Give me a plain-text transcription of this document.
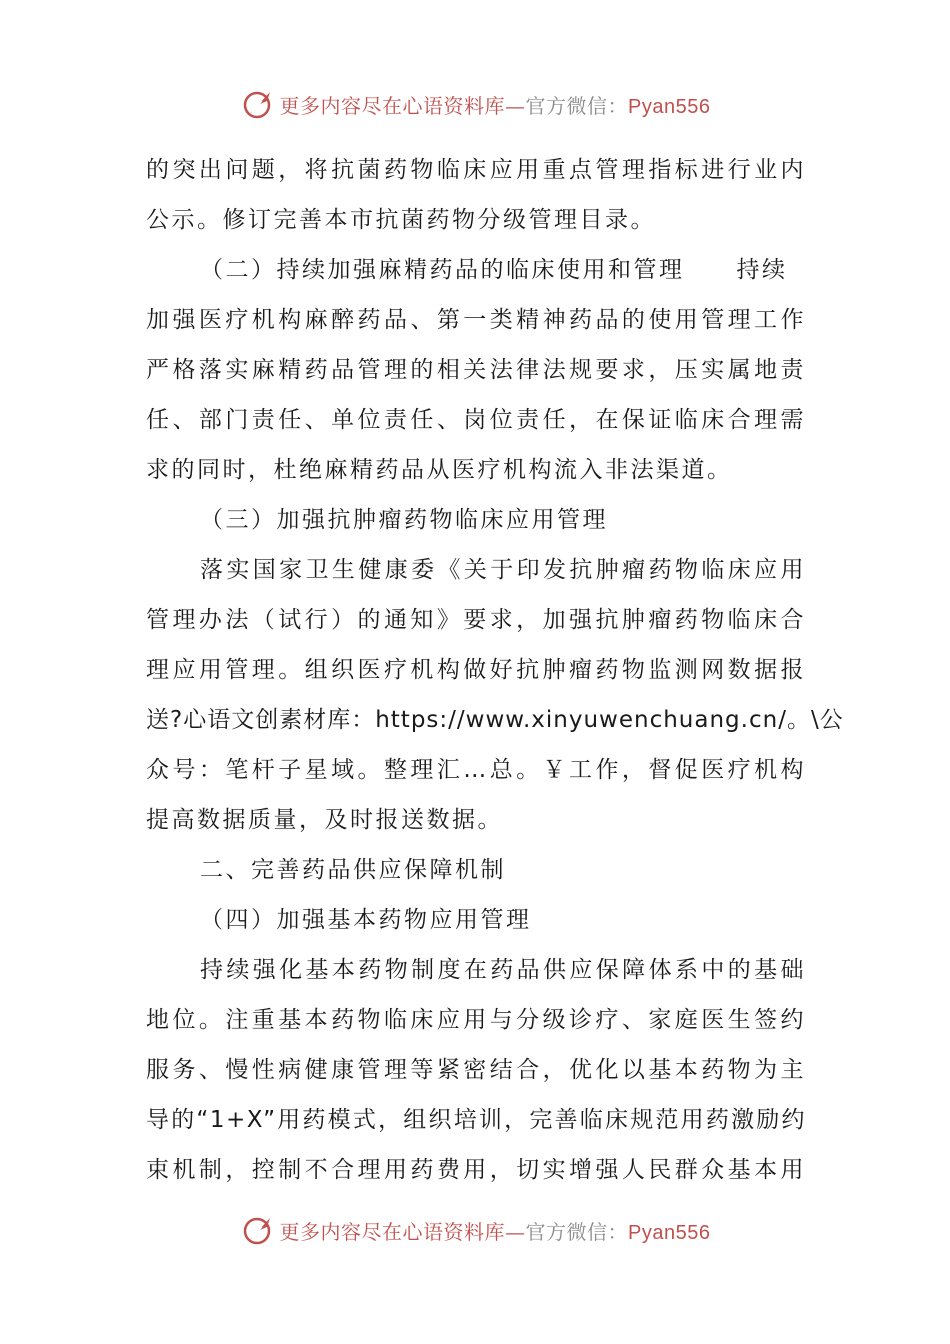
更多内容尽在心语资料库—官方微信：Pyan556
的突出问题，将抗菌药物临床应用重点管理指标进行业内
公示。修订完善本市抗菌药物分级管理目录。
（二）持续加强麻精药品的临床使用和管理 持续
加强医疗机构麻醉药品、第一类精神药品的使用管理工作
严格落实麻精药品管理的相关法律法规要求，压实属地责
任、部门责任、单位责任、岗位责任，在保证临床合理需
求的同时，杜绝麻精药品从医疗机构流入非法渠道。
（三）加强抗肿瘤药物临床应用管理
落实国家卫生健康委《关于印发抗肿瘤药物临床应用
管理办法（试行）的通知》要求，加强抗肿瘤药物临床合
理应用管理。组织医疗机构做好抗肿瘤药物监测网数据报
送?心语文创素材库：https://www.xinyuwenchuang.cn/。\公
众号：笔杆子星域。整理汇…总。￥工作，督促医疗机构
提高数据质量，及时报送数据。
二、完善药品供应保障机制
（四）加强基本药物应用管理
持续强化基本药物制度在药品供应保障体系中的基础
地位。注重基本药物临床应用与分级诊疗、家庭医生签约
服务、慢性病健康管理等紧密结合，优化以基本药物为主
导的“1+X”用药模式，组织培训，完善临床规范用药激励约
束机制，控制不合理用药费用，切实增强人民群众基本用
更多内容尽在心语资料库—官方微信：Pyan556
